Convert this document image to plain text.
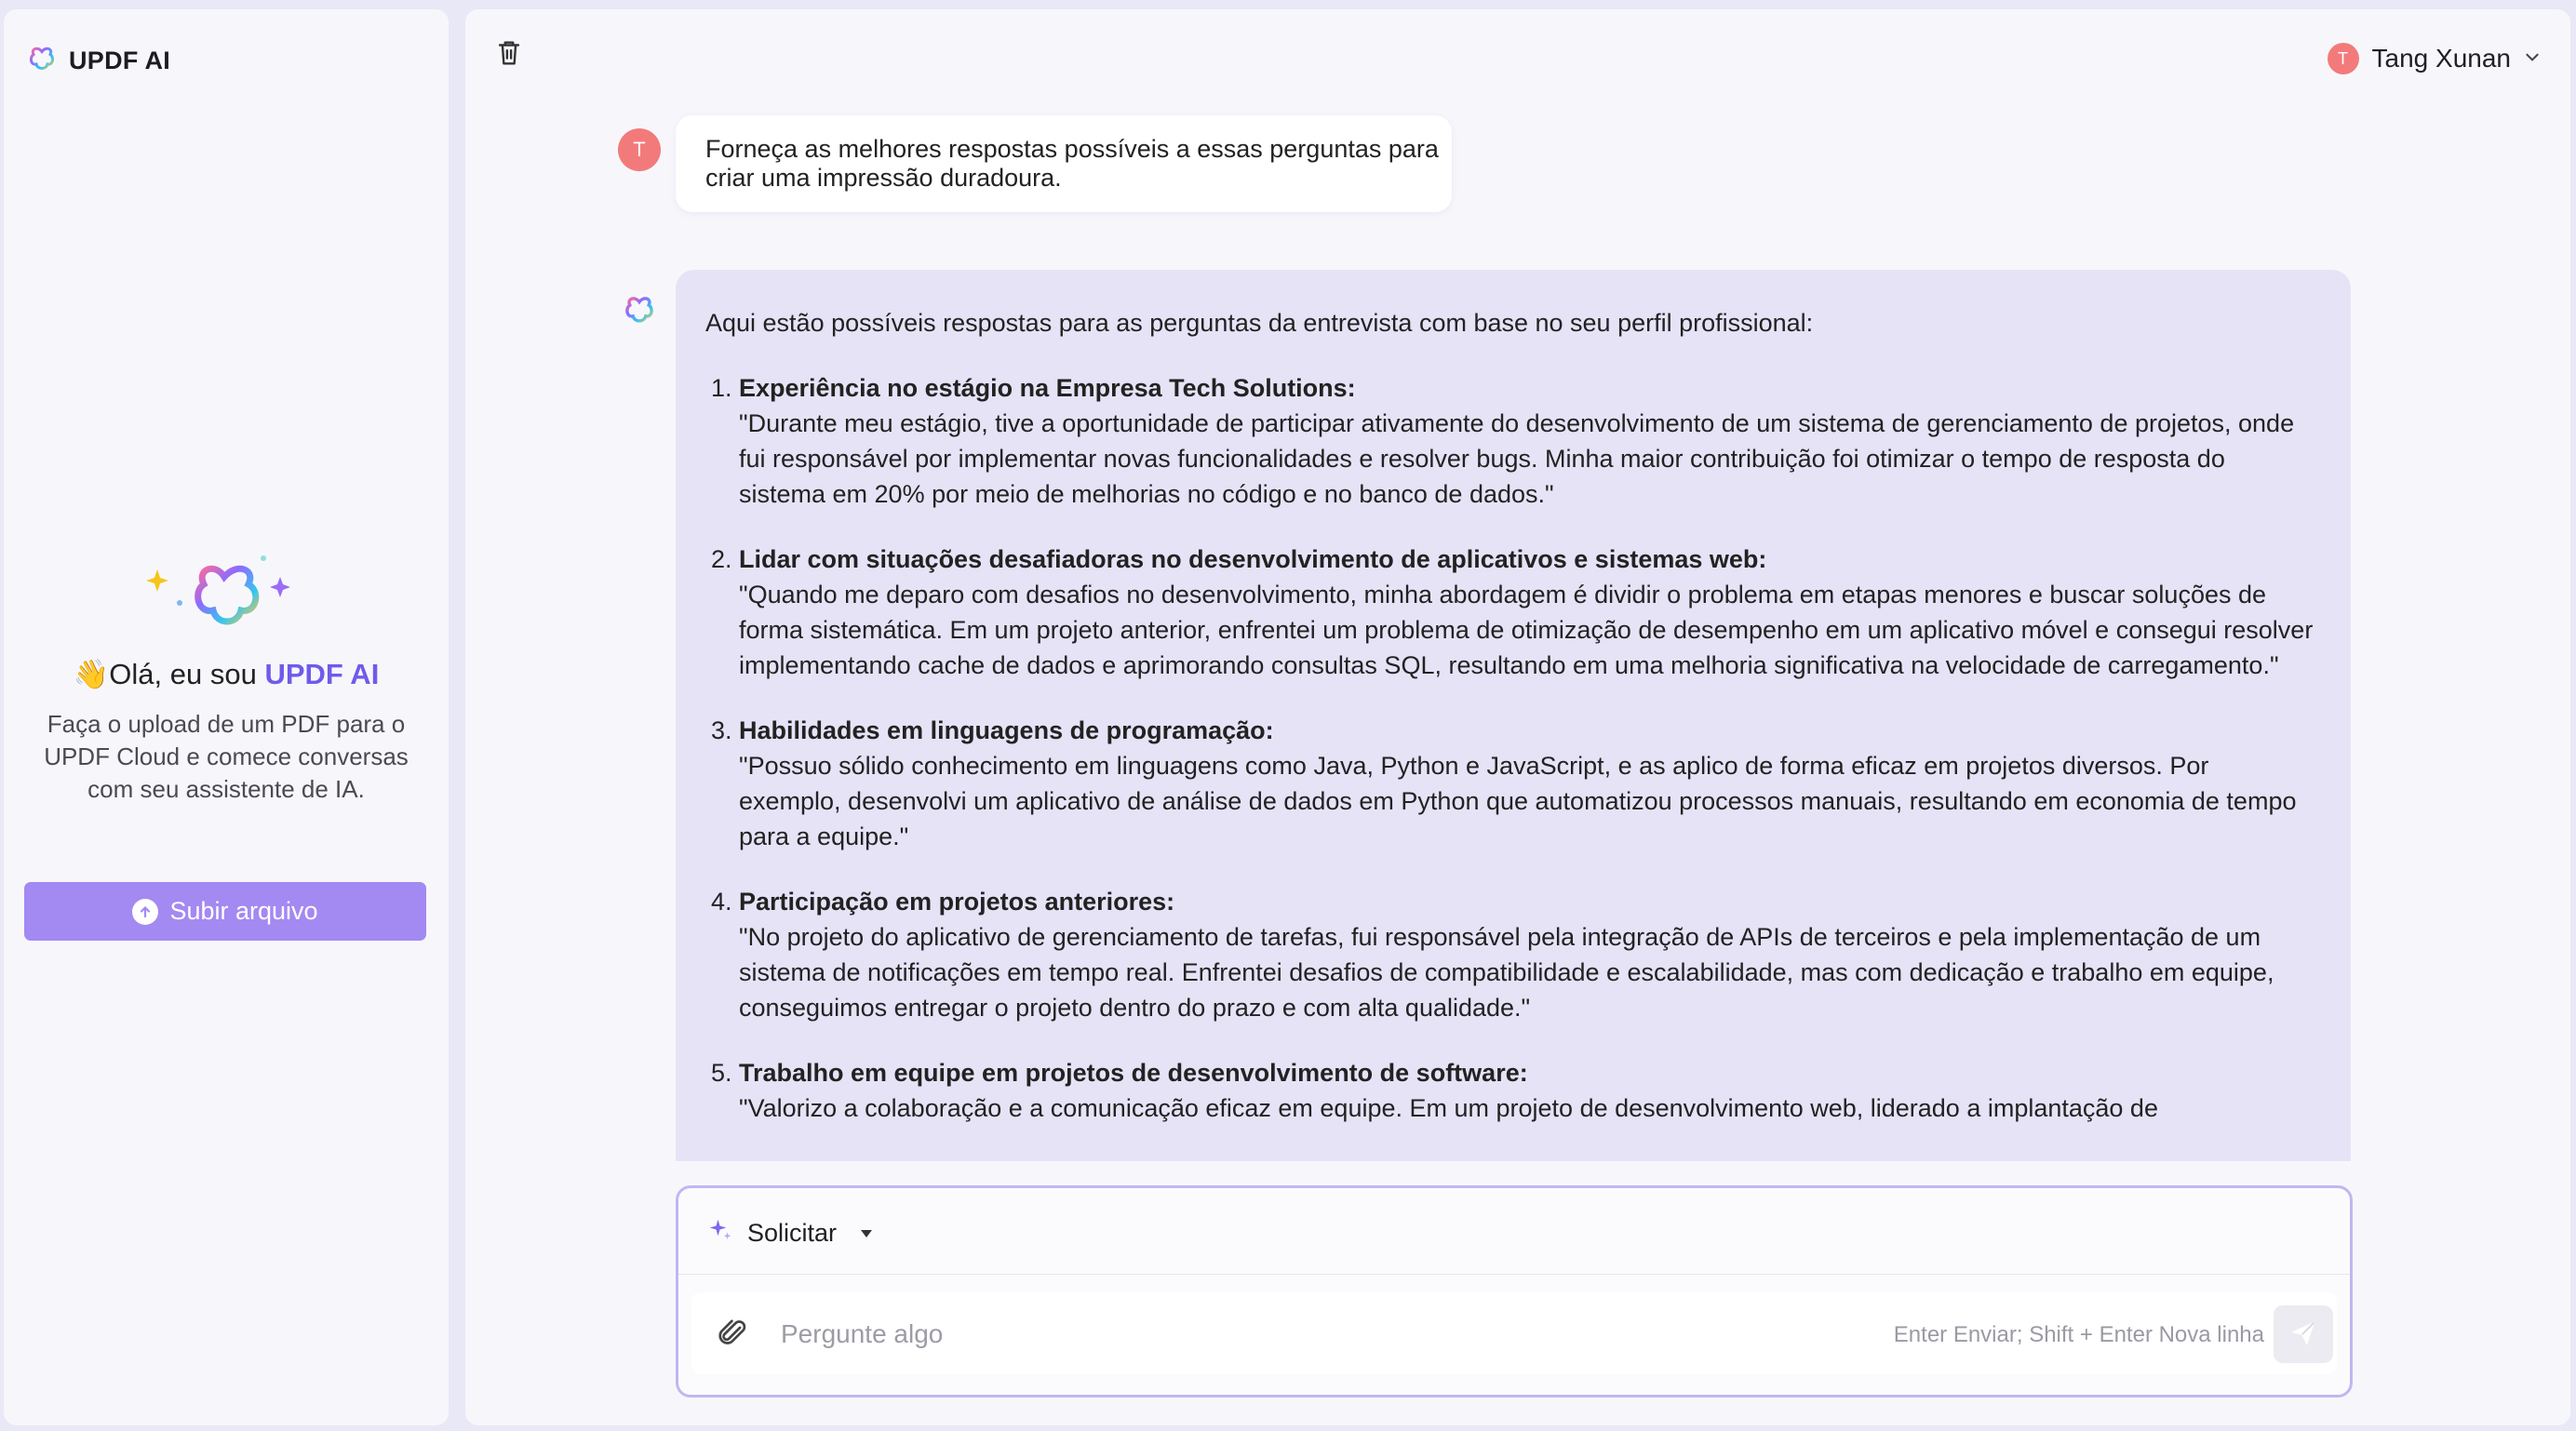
UPDF AI
👋Olá, eu sou UPDF AI
Faça o upload de um PDF para o UPDF Cloud e comece conversas com seu assistente de IA.
Subir arquivo
T Tang Xunan
T	Forneça as melhores respostas possíveis a essas perguntas para criar uma impressão duradoura.

Aqui estão possíveis respostas para as perguntas da entrevista com base no seu perfil profissional:

1. Experiência no estágio na Empresa Tech Solutions:
"Durante meu estágio, tive a oportunidade de participar ativamente do desenvolvimento de um sistema de gerenciamento de projetos, onde fui responsável por implementar novas funcionalidades e resolver bugs. Minha maior contribuição foi otimizar o tempo de resposta do sistema em 20% por meio de melhorias no código e no banco de dados."
2. Lidar com situações desafiadoras no desenvolvimento de aplicativos e sistemas web:
"Quando me deparo com desafios no desenvolvimento, minha abordagem é dividir o problema em etapas menores e buscar soluções de forma sistemática. Em um projeto anterior, enfrentei um problema de otimização de desempenho em um aplicativo móvel e consegui resolver implementando cache de dados e aprimorando consultas SQL, resultando em uma melhoria significativa na velocidade de carregamento."
3. Habilidades em linguagens de programação:
"Possuo sólido conhecimento em linguagens como Java, Python e JavaScript, e as aplico de forma eficaz em projetos diversos. Por exemplo, desenvolvi um aplicativo de análise de dados em Python que automatizou processos manuais, resultando em economia de tempo para a equipe."
4. Participação em projetos anteriores:
"No projeto do aplicativo de gerenciamento de tarefas, fui responsável pela integração de APIs de terceiros e pela implementação de um sistema de notificações em tempo real. Enfrentei desafios de compatibilidade e escalabilidade, mas com dedicação e trabalho em equipe, conseguimos entregar o projeto dentro do prazo e com alta qualidade."
5. Trabalho em equipe em projetos de desenvolvimento de software:
"Valorizo a colaboração e a comunicação eficaz em equipe. Em um projeto de desenvolvimento web, liderado a implantação de
Solicitar
Pergunte algo
Enter Enviar; Shift + Enter Nova linha
